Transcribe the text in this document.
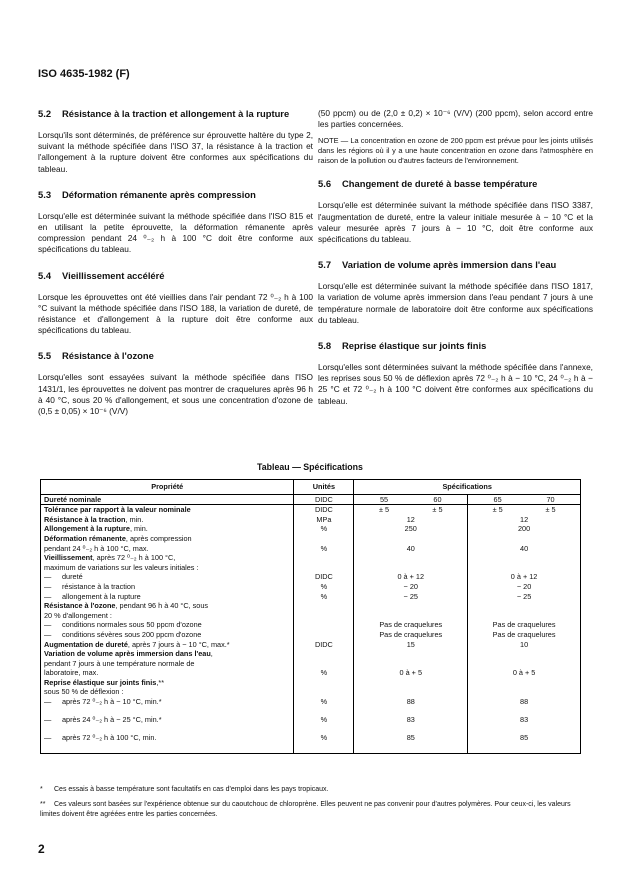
ISO 4635-1982 (F)
5.2 Résistance à la traction et allongement à la rupture

Lorsqu'ils sont déterminés, de préférence sur éprouvette haltère du type 2, suivant la méthode spécifiée dans l'ISO 37, la résistance à la traction et l'allongement à la rupture doivent être conformes aux spécifications du tableau.

5.3 Déformation rémanente après compression

Lorsqu'elle est déterminée suivant la méthode spécifiée dans l'ISO 815 et en utilisant la petite éprouvette, la déformation rémanente après compression pendant 24 ⁰₋₂ h à 100 °C doit être conforme aux spécifications du tableau.

5.4 Vieillissement accéléré

Lorsque les éprouvettes ont été vieillies dans l'air pendant 72 ⁰₋₂ h à 100 °C suivant la méthode spécifiée dans l'ISO 188, la variation de dureté, de résistance et d'allongement à la rupture doit être conforme aux spécifications du tableau.

5.5 Résistance à l'ozone

Lorsqu'elles sont essayées suivant la méthode spécifiée dans l'ISO 1431/1, les éprouvettes ne doivent pas montrer de craquelures après 96 h à 40 °C, sous 20 % d'allongement, et sous une concentration d'ozone de (0,5 ± 0,05) × 10⁻⁶ (V/V)

(50 ppcm) ou de (2,0 ± 0,2) × 10⁻⁶ (V/V) (200 ppcm), selon accord entre les parties concernées.

NOTE — La concentration en ozone de 200 ppcm est prévue pour les joints utilisés dans les régions où il y a une haute concentration en ozone dans l'atmosphère en raison de la pollution ou d'autres facteurs de l'environnement.

5.6 Changement de dureté à basse température

Lorsqu'elle est déterminée suivant la méthode spécifiée dans l'ISO 3387, l'augmentation de dureté, entre la valeur initiale mesurée à − 10 °C et la valeur mesurée après 7 jours à − 10 °C, doit être conforme aux spécifications du tableau.

5.7 Variation de volume après immersion dans l'eau

Lorsqu'elle est déterminée suivant la méthode spécifiée dans l'ISO 1817, la variation de volume après immersion dans l'eau pendant 7 jours à une température normale de laboratoire doit être conforme aux spécifications du tableau.

5.8 Reprise élastique sur joints finis

Lorsqu'elles sont déterminées suivant la méthode spécifiée dans l'annexe, les reprises sous 50 % de déflexion après 72 ⁰₋₂ h à − 10 °C, 24 ⁰₋₂ h à − 25 °C et 72 ⁰₋₂ h à 100 °C doivent être conformes aux spécifications du tableau.

Tableau — Spécifications
Propriété	Unités	Spécifications	
Dureté nominale	DIDC	55 60	65 70

Tolérance par rapport à la valeur nominale	DIDC	± 5 ± 5	± 5 ± 5

Résistance à la traction, min.	MPa	12	12
Allongement à la rupture, min.	%	250	200
Déformation rémanente, après compression
pendant 24 ⁰₋₂ h à 100 °C, max.	%	40	40
Vieillissement, après 72 ⁰₋₂ h à 100 °C,
maximum de variations sur les valeurs initiales :			
— dureté	DIDC	0 à + 12	0 à + 12
— résistance à la traction	%	− 20	− 20
— allongement à la rupture	%	− 25	− 25
Résistance à l'ozone, pendant 96 h à 40 °C, sous
20 % d'allongement :			
— conditions normales sous 50 ppcm d'ozone		Pas de craquelures	Pas de craquelures
— conditions sévères sous 200 ppcm d'ozone		Pas de craquelures	Pas de craquelures
Augmentation de dureté, après 7 jours à − 10 °C, max.*	DIDC	15	10
Variation de volume après immersion dans l'eau,
pendant 7 jours à une température normale de
laboratoire, max.	%	0 à + 5	0 à + 5
Reprise élastique sur joints finis,**
sous 50 % de déflexion :			
— après 72 ⁰₋₂ h à − 10 °C, min.*	%	88	88
— après 24 ⁰₋₂ h à − 25 °C, min.*	%	83	83
— après 72 ⁰₋₂ h à 100 °C, min.	%	85	85
* Ces essais à basse température sont facultatifs en cas d'emploi dans les pays tropicaux.
** Ces valeurs sont basées sur l'expérience obtenue sur du caoutchouc de chloroprène. Elles peuvent ne pas convenir pour d'autres polymères. Pour ceux-ci, les valeurs limites doivent être agréées entre les parties concernées.
2
